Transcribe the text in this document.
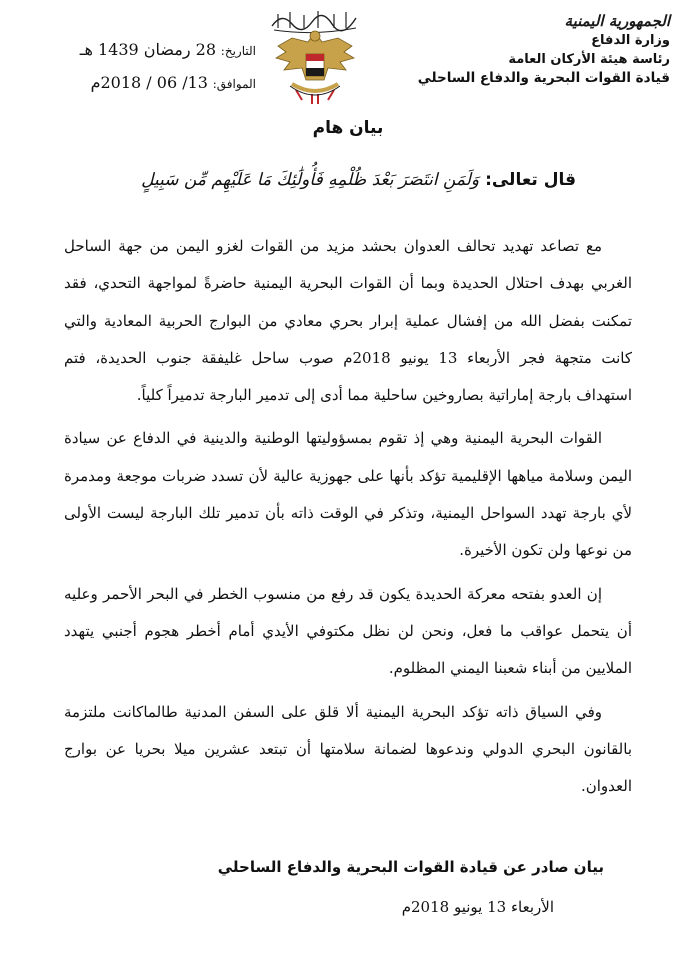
الجمهورية اليمنية
وزارة الدفاع
رئاسة هيئة الأركان العامة
قيادة القوات البحرية والدفاع الساحلي
التاريخ: 28 رمضان 1439 هـ
الموافق: 13/ 06 / 2018م
بيان هام
قال تعالى: وَلَمَنِ انتَصَرَ بَعْدَ ظُلْمِهِ فَأُولَٰئِكَ مَا عَلَيْهِم مِّن سَبِيلٍ

مع تصاعد تهديد تحالف العدوان بحشد مزيد من القوات لغزو اليمن من جهة الساحل الغربي بهدف احتلال الحديدة وبما أن القوات البحرية اليمنية حاضرةً لمواجهة التحدي، فقد تمكنت بفضل الله من إفشال عملية إبرار بحري معادي من البوارج الحربية المعادية والتي كانت متجهة فجر الأربعاء 13 يونيو 2018م صوب ساحل غليفقة جنوب الحديدة، فتم استهداف بارجة إماراتية بصاروخين ساحلية مما أدى إلى تدمير البارجة تدميراً كلياً.

القوات البحرية اليمنية وهي إذ تقوم بمسؤوليتها الوطنية والدينية في الدفاع عن سيادة اليمن وسلامة مياهها الإقليمية تؤكد بأنها على جهوزية عالية لأن تسدد ضربات موجعة ومدمرة لأي بارجة تهدد السواحل اليمنية، وتذكر في الوقت ذاته بأن تدمير تلك البارجة ليست الأولى من نوعها ولن تكون الأخيرة.

إن العدو بفتحه معركة الحديدة يكون قد رفع من منسوب الخطر في البحر الأحمر وعليه أن يتحمل عواقب ما فعل، ونحن لن نظل مكتوفي الأيدي أمام أخطر هجوم أجنبي يتهدد الملايين من أبناء شعبنا اليمني المظلوم.

وفي السياق ذاته تؤكد البحرية اليمنية ألا قلق على السفن المدنية طالماكانت ملتزمة بالقانون البحري الدولي وندعوها لضمانة سلامتها أن تبتعد عشرين ميلا بحريا عن بوارج العدوان.

بيان صادر عن قيادة القوات البحرية والدفاع الساحلي
الأربعاء 13 يونيو 2018م
